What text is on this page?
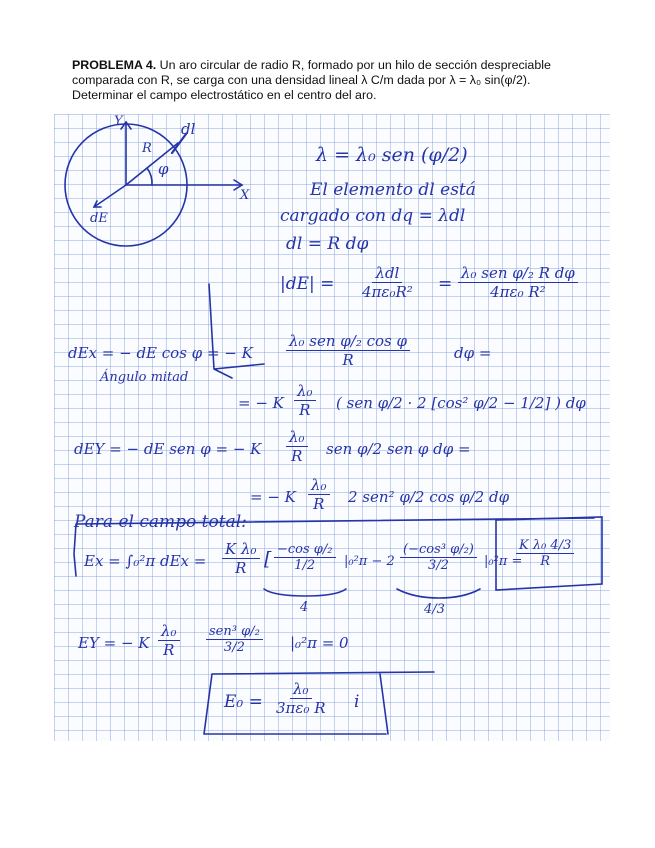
PROBLEMA 4. Un aro circular de radio R, formado por un hilo de sección despreciable

comparada con R, se carga con una densidad lineal λ C/m dada por λ = λ₀ sin(φ/2).

Determinar el campo electrostático en el centro del aro.

Y
X
R
dl
φ
dE
λ = λ₀ sen (φ/2)
El elemento dl está
cargado con dq = λdl
dl = R dφ
|dE| =
λdl
4πε₀R² =
λ₀ sen φ/₂ R dφ
4πε₀ R²
dEx = − dE cos φ = − K
λ₀ sen φ/₂ cos φ
R	dφ =
Ángulo mitad
= − K $\frac{\text{λ₀}}{R}$ ( sen φ/2 · 2 [cos² φ/2 − 1/2] ) dφ
dEY = − dE sen φ = − K $\frac{\text{λ₀}}{R}$ sen φ/2 sen φ dφ =
= − K $\frac{\text{λ₀}}{R} 2$ sen² φ/2 cos φ/2 dφ
Para el campo total:
Ex = ∫₀²π dEx = $\frac{\text{K λ₀}}{R}$ [ $\frac{\text{−cos φ/₂}}{1/2} |_0^2\pi - 2 \frac{\text{(−cos³ φ/₂)}}{3/2} |_0^2\pi$ =
$\frac{\text{K λ₀ 4/3}}{R}$
4	4/3
EY = − K $\frac{\text{λ₀}}{R} sen^3$ φ/₂
3/2	|₀²π = 0
$E_0 = \frac{\text{λ₀}}{\text{3πε₀ R}}$ i
